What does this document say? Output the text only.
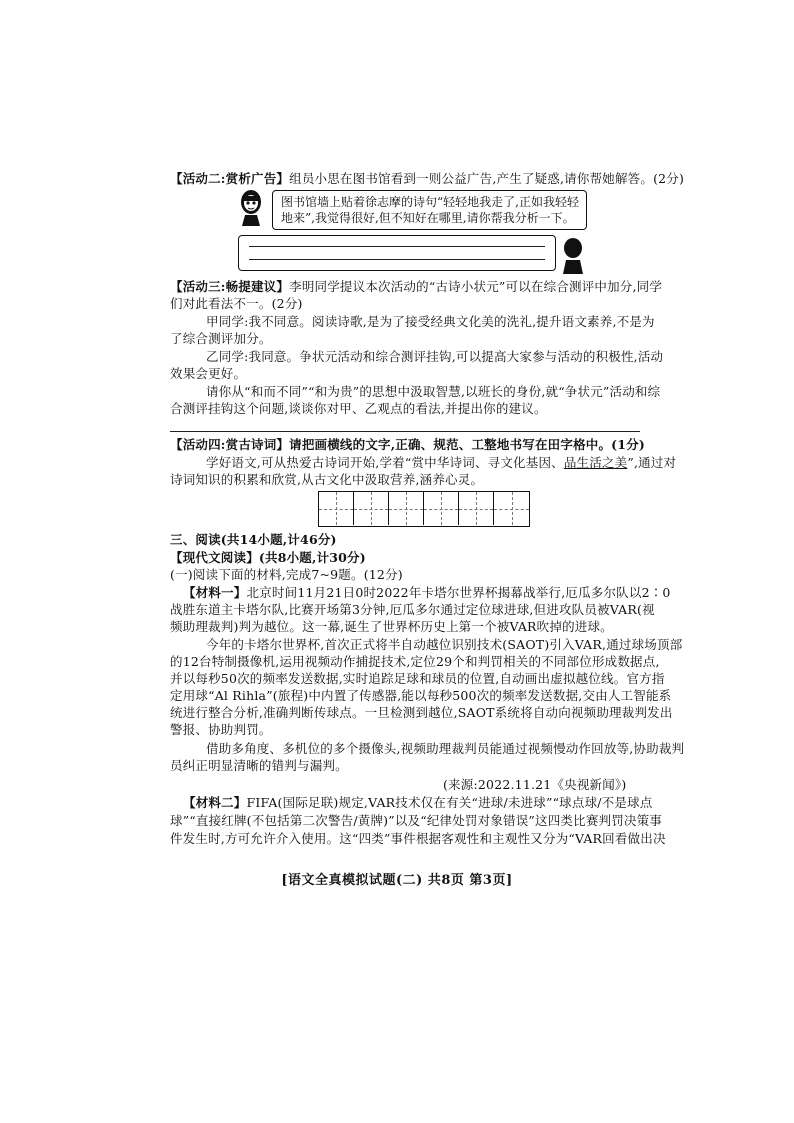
【活动二:赏析广告】组员小思在图书馆看到一则公益广告,产生了疑惑,请你帮她解答。(2分)
图书馆墙上贴着徐志摩的诗句“轻轻地我走了,正如我轻轻
地来”,我觉得很好,但不知好在哪里,请你帮我分析一下。
【活动三:畅提建议】李明同学提议本次活动的“古诗小状元”可以在综合测评中加分,同学
们对此看法不一。(2分)
甲同学:我不同意。阅读诗歌,是为了接受经典文化美的洗礼,提升语文素养,不是为
了综合测评加分。
乙同学:我同意。争状元活动和综合测评挂钩,可以提高大家参与活动的积极性,活动
效果会更好。
请你从“和而不同”“和为贵”的思想中汲取智慧,以班长的身份,就“争状元”活动和综
合测评挂钩这个问题,谈谈你对甲、乙观点的看法,并提出你的建议。
【活动四:赏古诗词】请把画横线的文字,正确、规范、工整地书写在田字格中。(1分)
学好语文,可从热爱古诗词开始,学着“赏中华诗词、寻文化基因、品生活之美”,通过对
诗词知识的积累和欣赏,从古文化中汲取营养,涵养心灵。
三、阅读(共14小题,计46分)
【现代文阅读】(共8小题,计30分)
(一)阅读下面的材料,完成7~9题。(12分)
【材料一】北京时间11月21日0时2022年卡塔尔世界杯揭幕战举行,厄瓜多尔队以2∶0
战胜东道主卡塔尔队,比赛开场第3分钟,厄瓜多尔通过定位球进球,但进攻队员被VAR(视
频助理裁判)判为越位。这一幕,诞生了世界杯历史上第一个被VAR吹掉的进球。
今年的卡塔尔世界杯,首次正式将半自动越位识别技术(SAOT)引入VAR,通过球场顶部
的12台特制摄像机,运用视频动作捕捉技术,定位29个和判罚相关的不同部位形成数据点,
并以每秒50次的频率发送数据,实时追踪足球和球员的位置,自动画出虚拟越位线。官方指
定用球“Al Rihla”(旅程)中内置了传感器,能以每秒500次的频率发送数据,交由人工智能系
统进行整合分析,准确判断传球点。一旦检测到越位,SAOT系统将自动向视频助理裁判发出
警报、协助判罚。
借助多角度、多机位的多个摄像头,视频助理裁判员能通过视频慢动作回放等,协助裁判
员纠正明显清晰的错判与漏判。
(来源:2022.11.21《央视新闻》)
【材料二】FIFA(国际足联)规定,VAR技术仅在有关“进球/未进球”“球点球/不是球点
球”“直接红牌(不包括第二次警告/黄牌)”以及“纪律处罚对象错误”这四类比赛判罚决策事
件发生时,方可允许介入使用。这“四类”事件根据客观性和主观性又分为“VAR回看做出决
[语文全真模拟试题(二) 共8页 第3页]
